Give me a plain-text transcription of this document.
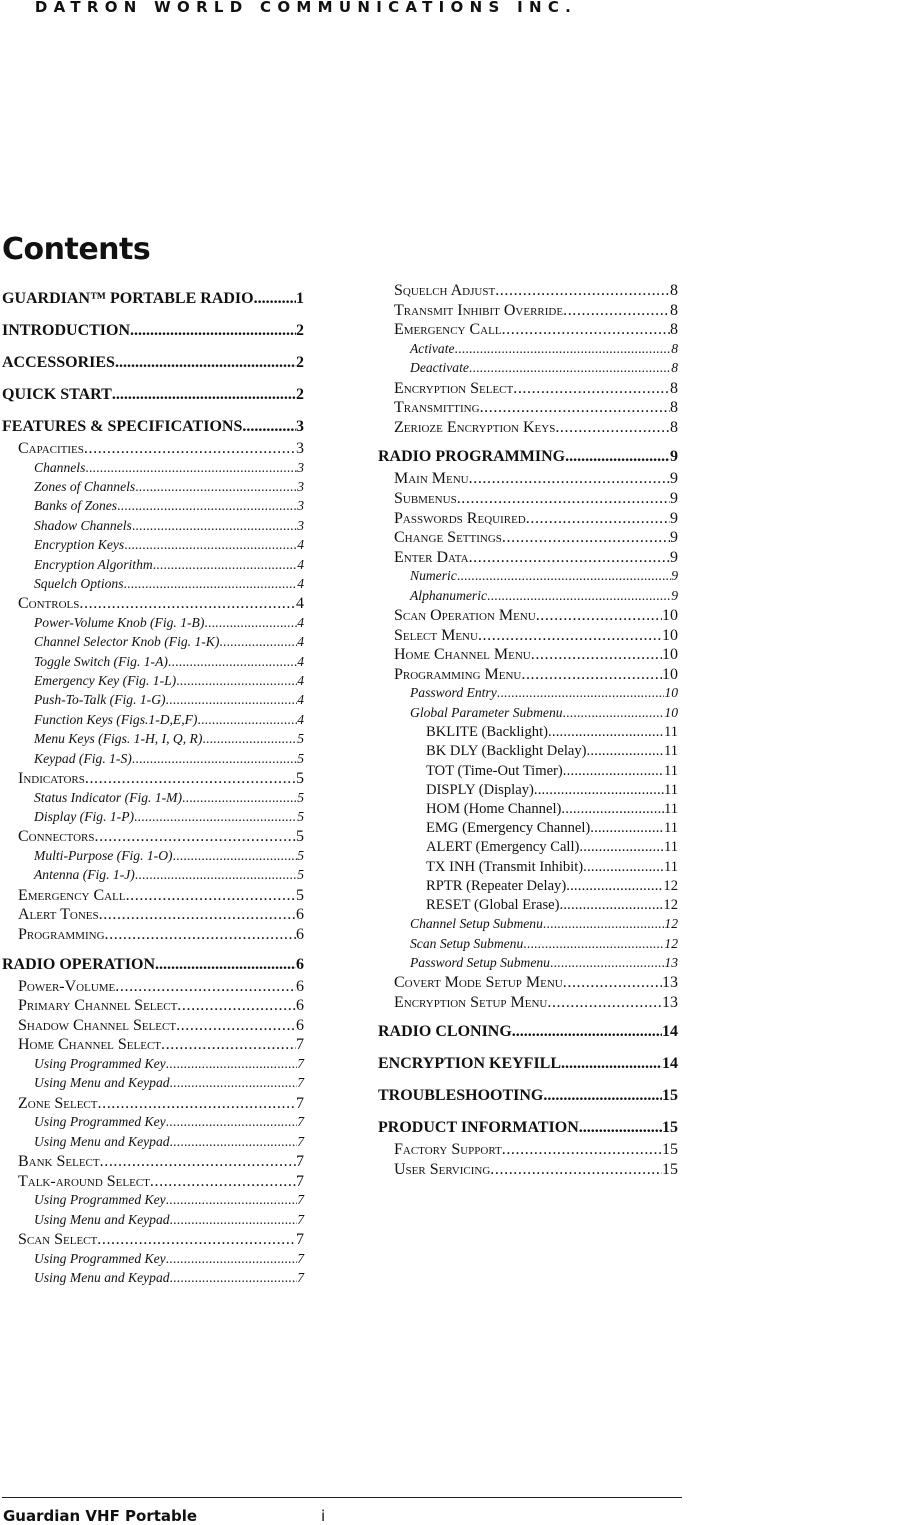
DATRON WORLD COMMUNICATIONS INC.
Contents
GUARDIAN™ PORTABLE RADIO .....	1
INTRODUCTION .....	2
ACCESSORIES .....	2
QUICK START .....	2
FEATURES & SPECIFICATIONS .....	3
Capacities .....	3
Channels .....	3
Zones of Channels .....	3
Banks of Zones .....	3
Shadow Channels .....	3
Encryption Keys .....	4
Encryption Algorithm .....	4
Squelch Options .....	4
Controls .....	4
Power-Volume Knob (Fig. 1-B) .....	4
Channel Selector Knob (Fig. 1-K) .....	4
Toggle Switch (Fig. 1-A) .....	4
Emergency Key (Fig. 1-L) .....	4
Push-To-Talk (Fig. 1-G) .....	4
Function Keys (Figs.1-D,E,F) .....	4
Menu Keys (Figs. 1-H, I, Q, R) .....	5
Keypad (Fig. 1-S) .....	5
Indicators .....	5
Status Indicator (Fig. 1-M) .....	5
Display (Fig. 1-P) .....	5
Connectors .....	5
Multi-Purpose (Fig. 1-O) .....	5
Antenna (Fig. 1-J) .....	5
Emergency Call .....	5
Alert Tones .....	6
Programming .....	6
RADIO OPERATION .....	6
Power-Volume .....	6
Primary Channel Select .....	6
Shadow Channel Select .....	6
Home Channel Select .....	7
Using Programmed Key .....	7
Using Menu and Keypad .....	7
Zone Select .....	7
Using Programmed Key .....	7
Using Menu and Keypad .....	7
Bank Select .....	7
Talk-around Select .....	7
Using Programmed Key .....	7
Using Menu and Keypad .....	7
Scan Select .....	7
Using Programmed Key .....	7
Using Menu and Keypad .....	7
Squelch Adjust .....	8
Transmit Inhibit Override .....	8
Emergency Call .....	8
Activate .....	8
Deactivate .....	8
Encryption Select .....	8
Transmitting .....	8
Zerioze Encryption Keys .....	8
RADIO PROGRAMMING .....	9
Main Menu .....	9
Submenus .....	9
Passwords Required .....	9
Change Settings .....	9
Enter Data .....	9
Numeric .....	9
Alphanumeric .....	9
Scan Operation Menu .....	10
Select Menu .....	10
Home Channel Menu .....	10
Programming Menu .....	10
Password Entry .....	10
Global Parameter Submenu .....	10
BKLITE (Backlight) .....	11
BK DLY (Backlight Delay) .....	11
TOT (Time-Out Timer) .....	11
DISPLY (Display) .....	11
HOM (Home Channel) .....	11
EMG (Emergency Channel) .....	11
ALERT (Emergency Call) .....	11
TX INH (Transmit Inhibit) .....	11
RPTR (Repeater Delay) .....	12
RESET (Global Erase) .....	12
Channel Setup Submenu .....	12
Scan Setup Submenu .....	12
Password Setup Submenu .....	13
Covert Mode Setup Menu .....	13
Encryption Setup Menu .....	13
RADIO CLONING .....	14
ENCRYPTION KEYFILL .....	14
TROUBLESHOOTING .....	15
PRODUCT INFORMATION .....	15
Factory Support .....	15
User Servicing .....	15
Guardian VHF Portable	i
